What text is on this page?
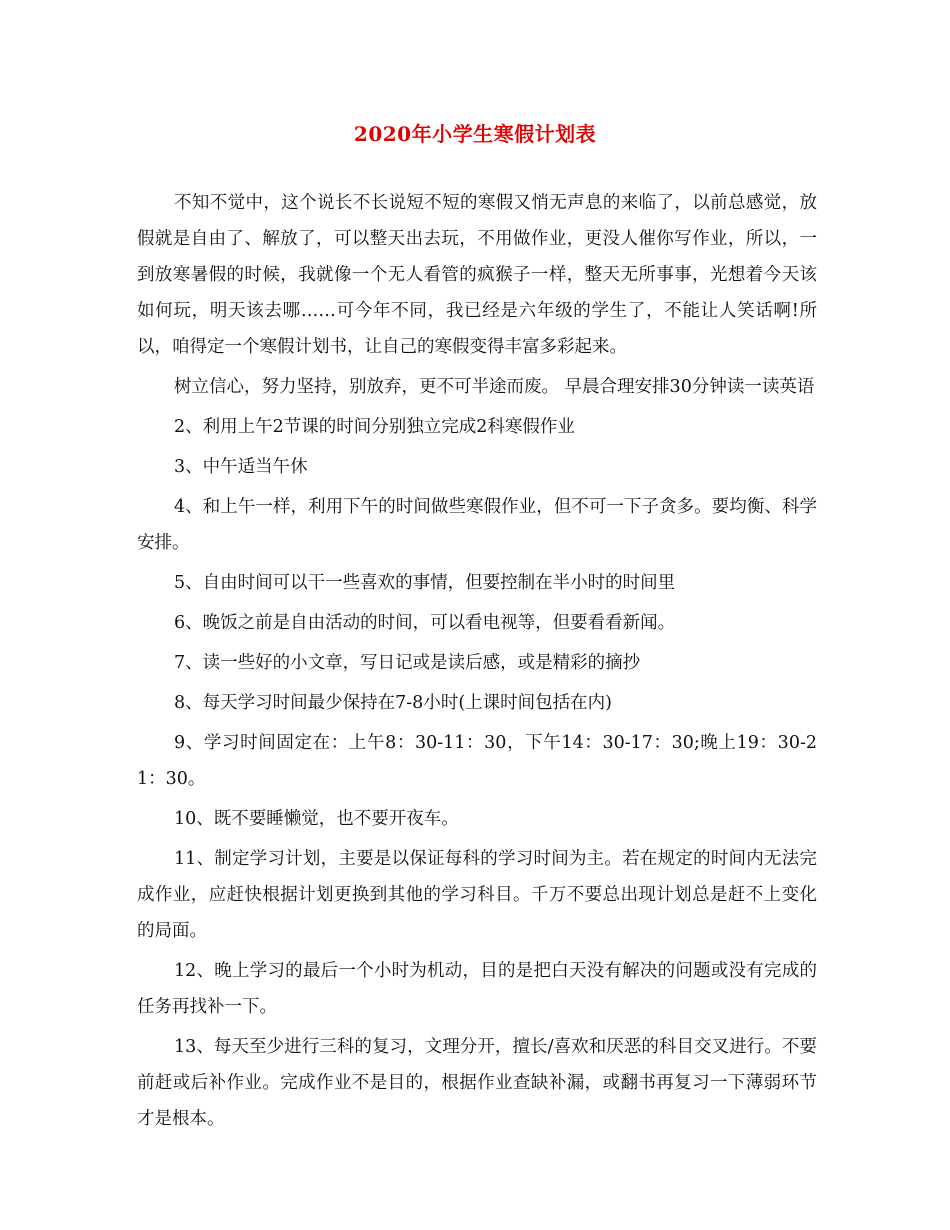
2020年小学生寒假计划表

不知不觉中，这个说长不长说短不短的寒假又悄无声息的来临了，以前总感觉，放假就是自由了、解放了，可以整天出去玩，不用做作业，更没人催你写作业，所以，一到放寒暑假的时候，我就像一个无人看管的疯猴子一样，整天无所事事，光想着今天该如何玩，明天该去哪……可今年不同，我已经是六年级的学生了，不能让人笑话啊!所以，咱得定一个寒假计划书，让自己的寒假变得丰富多彩起来。

树立信心，努力坚持，别放弃，更不可半途而废。 早晨合理安排30分钟读一读英语

2、利用上午2节课的时间分别独立完成2科寒假作业

3、中午适当午休

4、和上午一样，利用下午的时间做些寒假作业，但不可一下子贪多。要均衡、科学安排。

5、自由时间可以干一些喜欢的事情，但要控制在半小时的时间里

6、晚饭之前是自由活动的时间，可以看电视等，但要看看新闻。

7、读一些好的小文章，写日记或是读后感，或是精彩的摘抄

8、每天学习时间最少保持在7-8小时(上课时间包括在内)

9、学习时间固定在：上午8：30-11：30，下午14：30-17：30;晚上19：30-21：30。

10、既不要睡懒觉，也不要开夜车。

11、制定学习计划，主要是以保证每科的学习时间为主。若在规定的时间内无法完成作业，应赶快根据计划更换到其他的学习科目。千万不要总出现计划总是赶不上变化的局面。

12、晚上学习的最后一个小时为机动，目的是把白天没有解决的问题或没有完成的任务再找补一下。

13、每天至少进行三科的复习，文理分开，擅长/喜欢和厌恶的科目交叉进行。不要前赶或后补作业。完成作业不是目的，根据作业查缺补漏，或翻书再复习一下薄弱环节才是根本。
